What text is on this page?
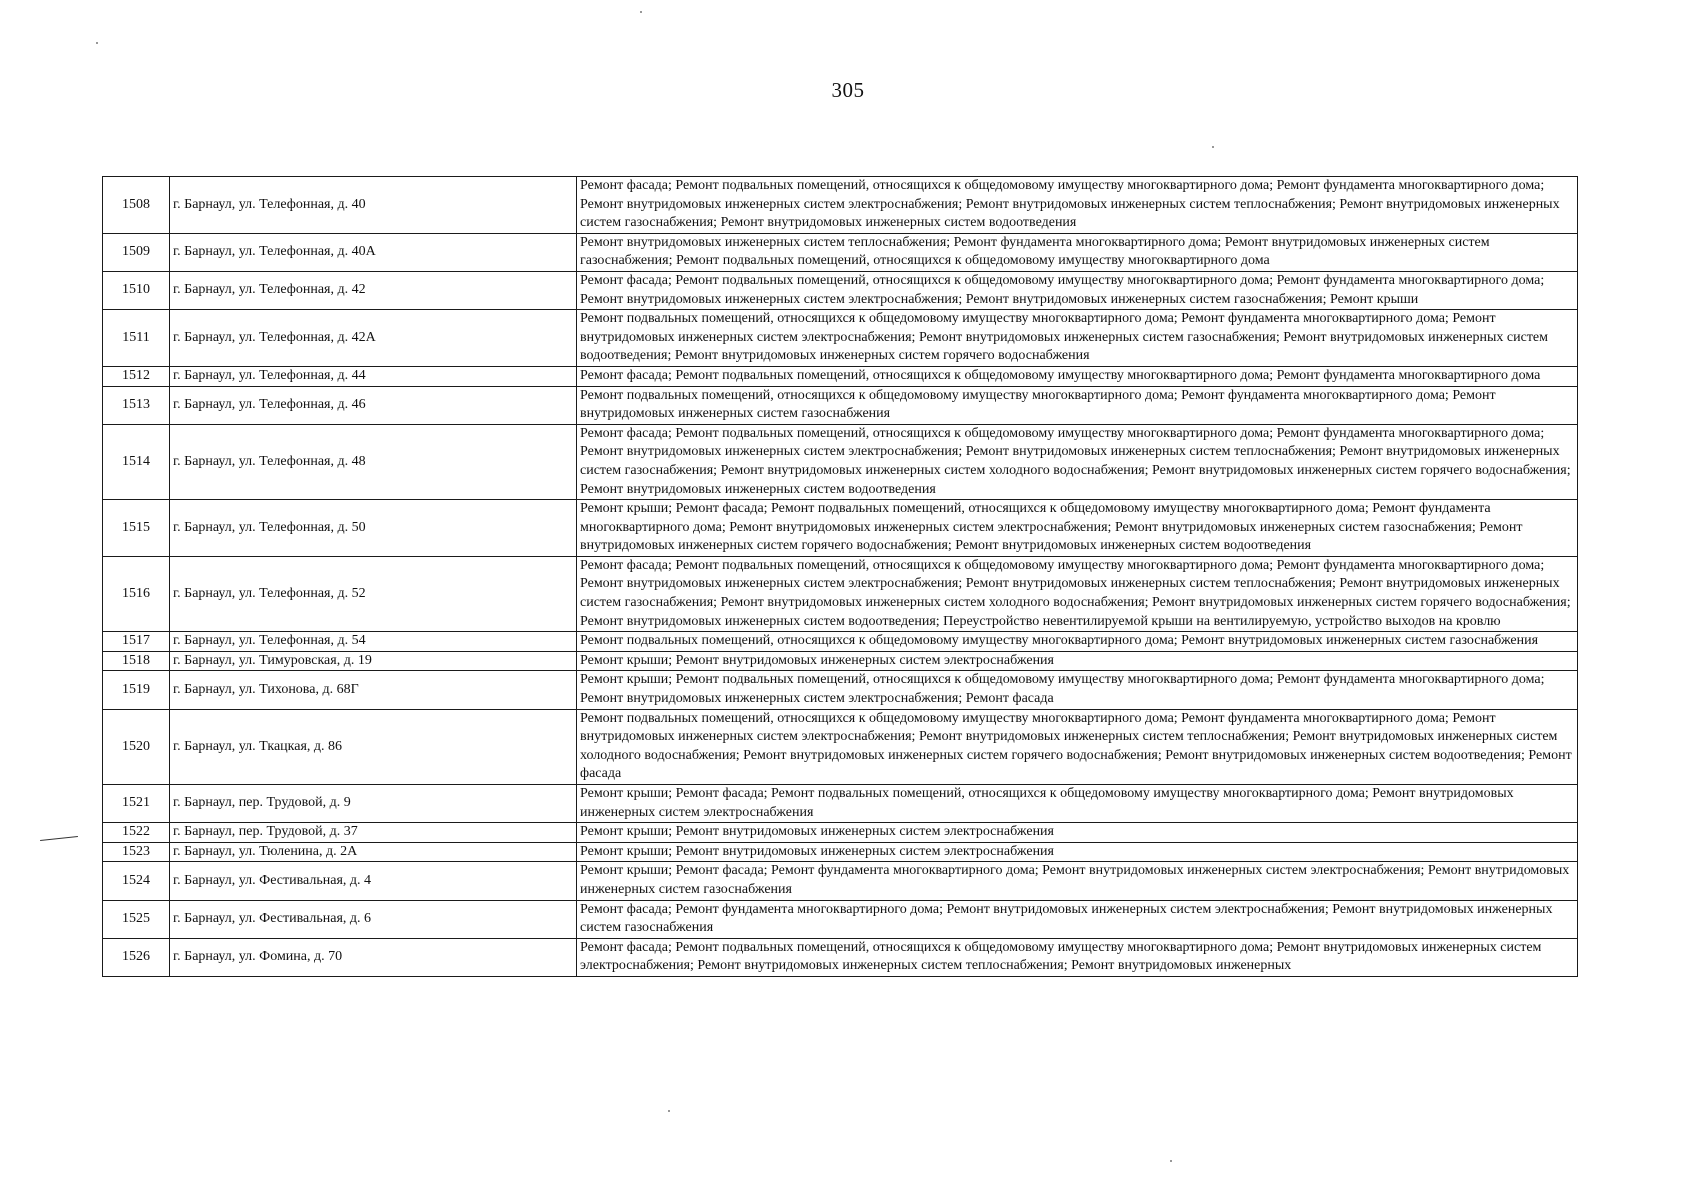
305
1508	г. Барнаул, ул. Телефонная, д. 40	Ремонт фасада; Ремонт подвальных помещений, относящихся к общедомовому имуществу многоквартирного дома; Ремонт фундамента многоквартирного дома; Ремонт внутридомовых инженерных систем электроснабжения; Ремонт внутридомовых инженерных систем теплоснабжения; Ремонт внутридомовых инженерных систем газоснабжения; Ремонт внутридомовых инженерных систем водоотведения
1509	г. Барнаул, ул. Телефонная, д. 40А	Ремонт внутридомовых инженерных систем теплоснабжения; Ремонт фундамента многоквартирного дома; Ремонт внутридомовых инженерных систем газоснабжения; Ремонт подвальных помещений, относящихся к общедомовому имуществу многоквартирного дома
1510	г. Барнаул, ул. Телефонная, д. 42	Ремонт фасада; Ремонт подвальных помещений, относящихся к общедомовому имуществу многоквартирного дома; Ремонт фундамента многоквартирного дома; Ремонт внутридомовых инженерных систем электроснабжения; Ремонт внутридомовых инженерных систем газоснабжения; Ремонт крыши
1511	г. Барнаул, ул. Телефонная, д. 42А	Ремонт подвальных помещений, относящихся к общедомовому имуществу многоквартирного дома; Ремонт фундамента многоквартирного дома; Ремонт внутридомовых инженерных систем электроснабжения; Ремонт внутридомовых инженерных систем газоснабжения; Ремонт внутридомовых инженерных систем водоотведения; Ремонт внутридомовых инженерных систем горячего водоснабжения
1512	г. Барнаул, ул. Телефонная, д. 44	Ремонт фасада; Ремонт подвальных помещений, относящихся к общедомовому имуществу многоквартирного дома; Ремонт фундамента многоквартирного дома
1513	г. Барнаул, ул. Телефонная, д. 46	Ремонт подвальных помещений, относящихся к общедомовому имуществу многоквартирного дома; Ремонт фундамента многоквартирного дома; Ремонт внутридомовых инженерных систем газоснабжения
1514	г. Барнаул, ул. Телефонная, д. 48	Ремонт фасада; Ремонт подвальных помещений, относящихся к общедомовому имуществу многоквартирного дома; Ремонт фундамента многоквартирного дома; Ремонт внутридомовых инженерных систем электроснабжения; Ремонт внутридомовых инженерных систем теплоснабжения; Ремонт внутридомовых инженерных систем газоснабжения; Ремонт внутридомовых инженерных систем холодного водоснабжения; Ремонт внутридомовых инженерных систем горячего водоснабжения; Ремонт внутридомовых инженерных систем водоотведения
1515	г. Барнаул, ул. Телефонная, д. 50	Ремонт крыши; Ремонт фасада; Ремонт подвальных помещений, относящихся к общедомовому имуществу многоквартирного дома; Ремонт фундамента многоквартирного дома; Ремонт внутридомовых инженерных систем электроснабжения; Ремонт внутридомовых инженерных систем газоснабжения; Ремонт внутридомовых инженерных систем горячего водоснабжения; Ремонт внутридомовых инженерных систем водоотведения
1516	г. Барнаул, ул. Телефонная, д. 52	Ремонт фасада; Ремонт подвальных помещений, относящихся к общедомовому имуществу многоквартирного дома; Ремонт фундамента многоквартирного дома; Ремонт внутридомовых инженерных систем электроснабжения; Ремонт внутридомовых инженерных систем теплоснабжения; Ремонт внутридомовых инженерных систем газоснабжения; Ремонт внутридомовых инженерных систем холодного водоснабжения; Ремонт внутридомовых инженерных систем горячего водоснабжения; Ремонт внутридомовых инженерных систем водоотведения; Переустройство невентилируемой крыши на вентилируемую, устройство выходов на кровлю
1517	г. Барнаул, ул. Телефонная, д. 54	Ремонт подвальных помещений, относящихся к общедомовому имуществу многоквартирного дома; Ремонт внутридомовых инженерных систем газоснабжения
1518	г. Барнаул, ул. Тимуровская, д. 19	Ремонт крыши; Ремонт внутридомовых инженерных систем электроснабжения
1519	г. Барнаул, ул. Тихонова, д. 68Г	Ремонт крыши; Ремонт подвальных помещений, относящихся к общедомовому имуществу многоквартирного дома; Ремонт фундамента многоквартирного дома; Ремонт внутридомовых инженерных систем электроснабжения; Ремонт фасада
1520	г. Барнаул, ул. Ткацкая, д. 86	Ремонт подвальных помещений, относящихся к общедомовому имуществу многоквартирного дома; Ремонт фундамента многоквартирного дома; Ремонт внутридомовых инженерных систем электроснабжения; Ремонт внутридомовых инженерных систем теплоснабжения; Ремонт внутридомовых инженерных систем холодного водоснабжения; Ремонт внутридомовых инженерных систем горячего водоснабжения; Ремонт внутридомовых инженерных систем водоотведения; Ремонт фасада
1521	г. Барнаул, пер. Трудовой, д. 9	Ремонт крыши; Ремонт фасада; Ремонт подвальных помещений, относящихся к общедомовому имуществу многоквартирного дома; Ремонт внутридомовых инженерных систем электроснабжения
1522	г. Барнаул, пер. Трудовой, д. 37	Ремонт крыши; Ремонт внутридомовых инженерных систем электроснабжения
1523	г. Барнаул, ул. Тюленина, д. 2А	Ремонт крыши; Ремонт внутридомовых инженерных систем электроснабжения
1524	г. Барнаул, ул. Фестивальная, д. 4	Ремонт крыши; Ремонт фасада; Ремонт фундамента многоквартирного дома; Ремонт внутридомовых инженерных систем электроснабжения; Ремонт внутридомовых инженерных систем газоснабжения
1525	г. Барнаул, ул. Фестивальная, д. 6	Ремонт фасада; Ремонт фундамента многоквартирного дома; Ремонт внутридомовых инженерных систем электроснабжения; Ремонт внутридомовых инженерных систем газоснабжения
1526	г. Барнаул, ул. Фомина, д. 70	Ремонт фасада; Ремонт подвальных помещений, относящихся к общедомовому имуществу многоквартирного дома; Ремонт внутридомовых инженерных систем электроснабжения; Ремонт внутридомовых инженерных систем теплоснабжения; Ремонт внутридомовых инженерных
